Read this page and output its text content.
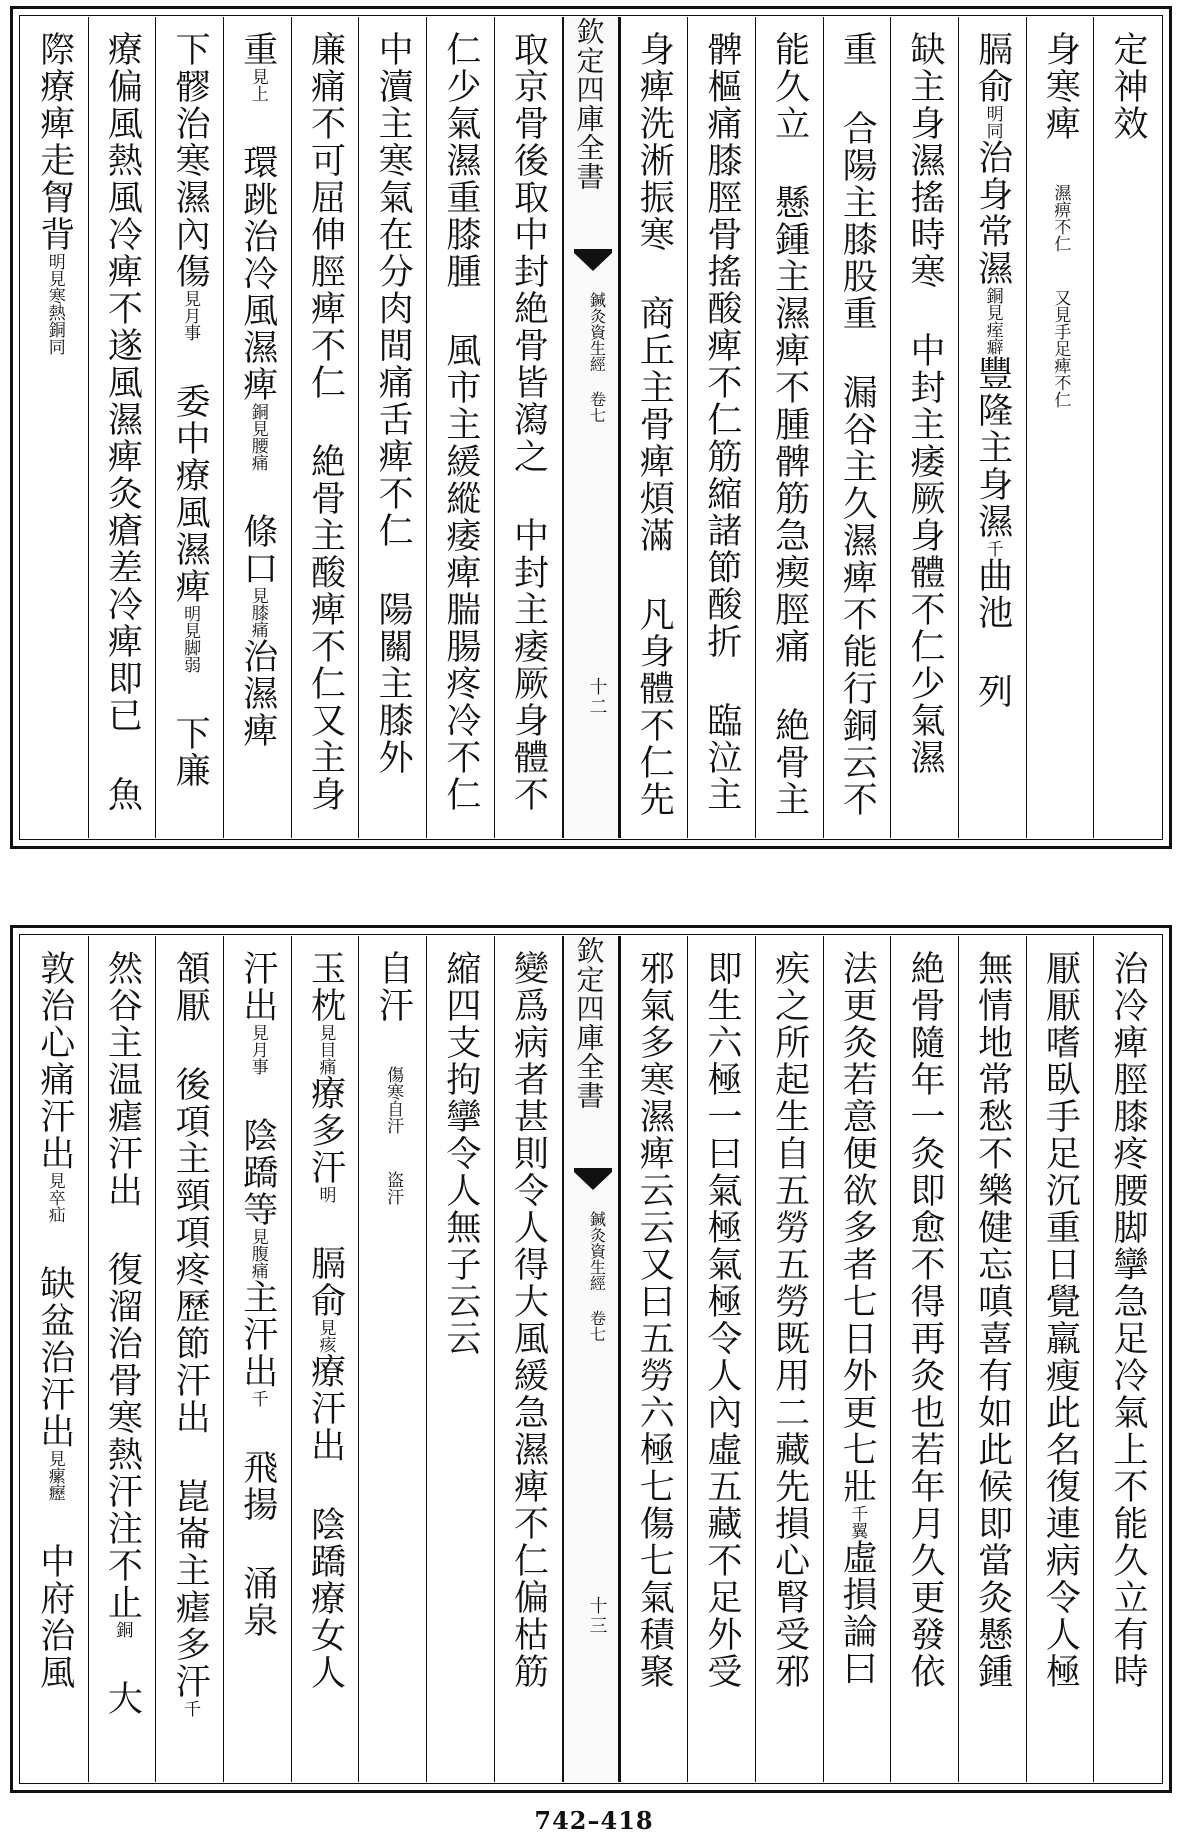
定神效
身寒痺 濕痹不仁　又見手足痺不仁
膈俞明同治身常濕銅見痓癖豐隆主身濕千曲池 列
缺主身濕搖時寒 中封主痿厥身體不仁少氣濕
重 合陽主膝股重 漏谷主久濕痺不能行銅云不
能久立 懸鍾主濕痺不腫髀筋急瘈脛痛 絶骨主
髀樞痛膝脛骨搖酸痺不仁筋縮諸節酸折 臨泣主
身痺洗淅振寒 商丘主骨痺煩滿 凡身體不仁先
欽定四庫全書
鍼灸資生經 卷七
十二
取京骨後取中封絶骨皆瀉之 中封主痿厥身體不
仁少氣濕重膝腫 風市主緩縱痿痺腨腸疼冷不仁
中瀆主寒氣在分肉間痛舌痺不仁 陽關主膝外
廉痛不可屈伸脛痺不仁 絶骨主酸痺不仁又主身
重見上 環跳治冷風濕痺銅見腰痛 條口見膝痛治濕痺
下髎治寒濕內傷見月事 委中療風濕痺明見脚弱 下廉
療偏風熱風冷痺不遂風濕痺灸瘡差冷痺即已 魚
際療痺走胷背明見寒熱銅同
治冷痺脛膝疼腰脚攣急足冷氣上不能久立有時
厭厭嗜臥手足沉重日覺羸瘦此名復連病令人極
無情地常愁不樂健忘嗔喜有如此候即當灸懸鍾
絶骨隨年一灸即愈不得再灸也若年月久更發依
法更灸若意便欲多者七日外更七壯千翼虛損論曰
疾之所起生自五勞五勞既用二藏先損心腎受邪
即生六極一曰氣極氣極令人內虛五藏不足外受
邪氣多寒濕痺云云又曰五勞六極七傷七氣積聚
欽定四庫全書
鍼灸資生經 卷七
十三
變爲病者甚則令人得大風緩急濕痺不仁偏枯筋
縮四支拘攣令人無子云云
自汗 傷寒自汗　盗汗
玉枕見目痛療多汗明 膈俞見痎療汗出 陰蹻療女人
汗出見月事 陰蹻等見腹痛主汗出千 飛揚 涌泉
頷厭 後項主頸項疼歷節汗出 崑崙主瘧多汗千
然谷主温瘧汗出 復溜治骨寒熱汗注不止銅 大
敦治心痛汗出見卒疝 缺盆治汗出見瘰癧 中府治風
742–418
